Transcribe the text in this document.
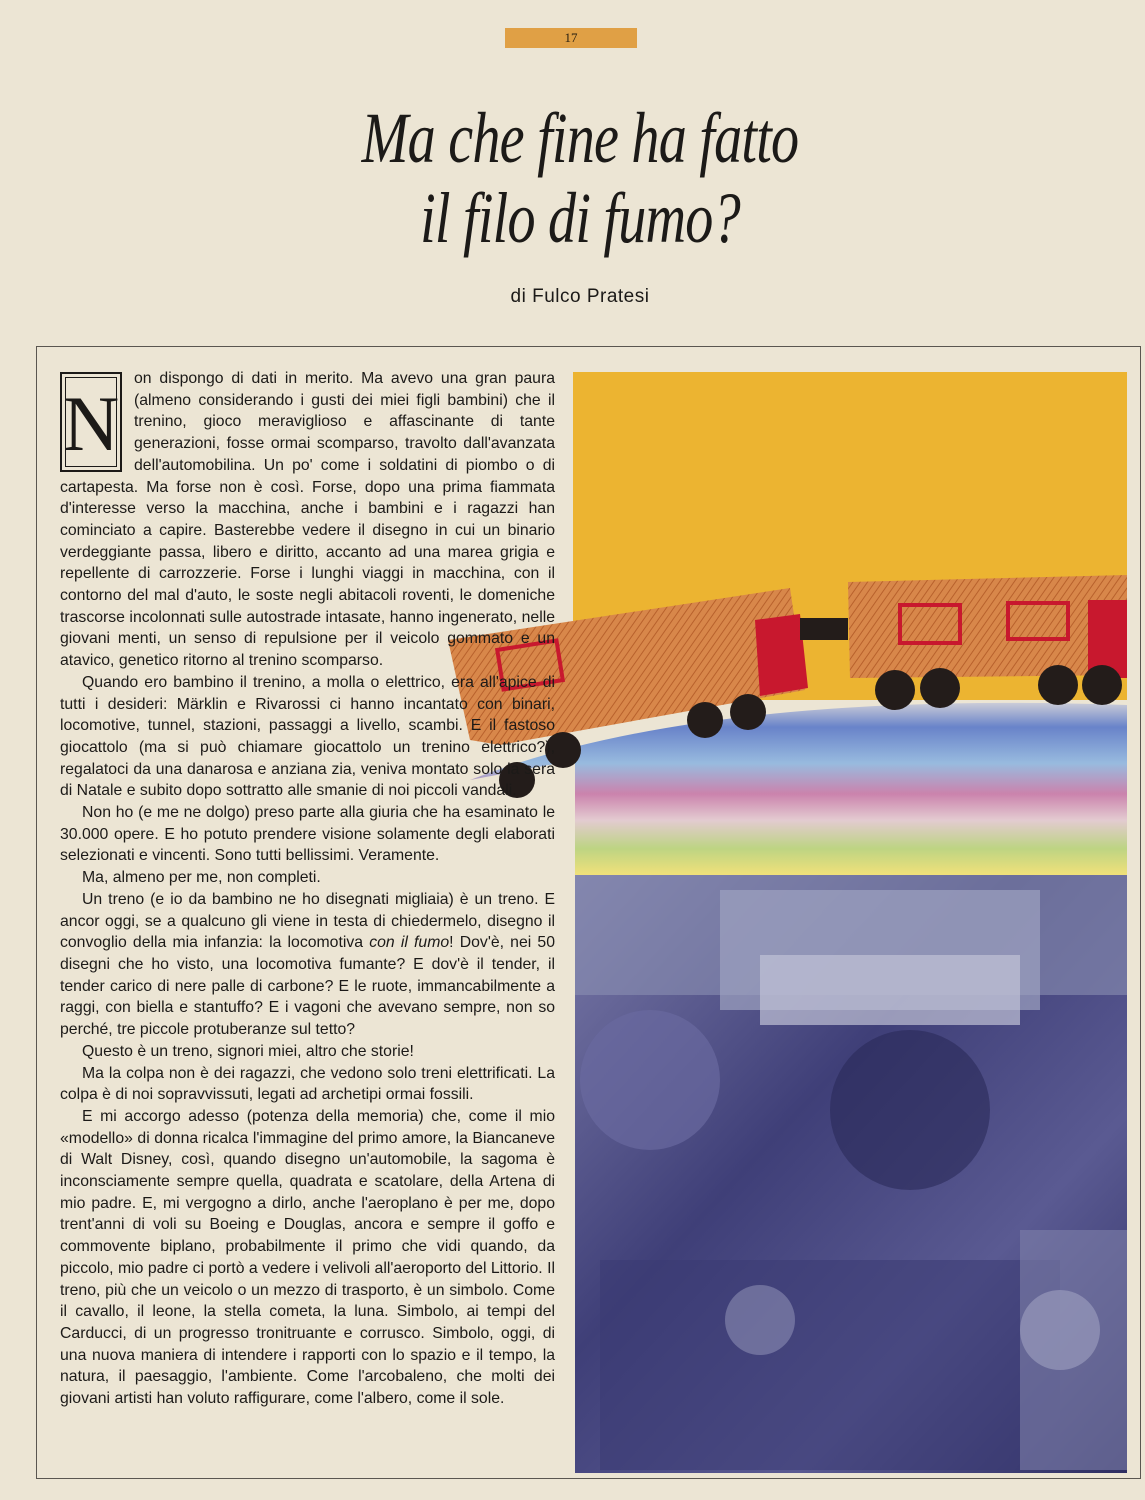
17
Ma che fine ha fatto
il filo di fumo?
di Fulco Pratesi
N

on dispongo di dati in merito. Ma avevo una gran paura (almeno considerando i gusti dei miei figli bambini) che il trenino, gioco meraviglioso e affascinante di tante generazioni, fosse ormai scomparso, travolto dall'avanzata dell'automobilina. Un po' come i soldatini di piombo o di cartapesta. Ma forse non è così. Forse, dopo una prima fiammata d'interesse verso la macchina, anche i bambini e i ragazzi han cominciato a capire. Basterebbe vedere il disegno in cui un binario verdeggiante passa, libero e diritto, accanto ad una marea grigia e repellente di carrozzerie. Forse i lunghi viaggi in macchina, con il contorno del mal d'auto, le soste negli abitacoli roventi, le domeniche trascorse incolonnati sulle autostrade intasate, hanno ingenerato, nelle giovani menti, un senso di repulsione per il veicolo gommato e un atavico, genetico ritorno al trenino scomparso.

Quando ero bambino il trenino, a molla o elettrico, era all'apice di tutti i desideri: Märklin e Rivarossi ci hanno incantato con binari, locomotive, tunnel, stazioni, passaggi a livello, scambi. E il fastoso giocattolo (ma si può chiamare giocattolo un trenino elettrico?), regalatoci da una danarosa e anziana zia, veniva montato solo la sera di Natale e subito dopo sottratto alle smanie di noi piccoli vandali.

Non ho (e me ne dolgo) preso parte alla giuria che ha esaminato le 30.000 opere. E ho potuto prendere visione solamente degli elaborati selezionati e vincenti. Sono tutti bellissimi. Veramente.

Ma, almeno per me, non completi.

Un treno (e io da bambino ne ho disegnati migliaia) è un treno. E ancor oggi, se a qualcuno gli viene in testa di chiedermelo, disegno il convoglio della mia infanzia: la locomotiva con il fumo! Dov'è, nei 50 disegni che ho visto, una locomotiva fumante? E dov'è il tender, il tender carico di nere palle di carbone? E le ruote, immancabilmente a raggi, con biella e stantuffo? E i vagoni che avevano sempre, non so perché, tre piccole protuberanze sul tetto?

Questo è un treno, signori miei, altro che storie!

Ma la colpa non è dei ragazzi, che vedono solo treni elettrificati. La colpa è di noi sopravvissuti, legati ad archetipi ormai fossili.

E mi accorgo adesso (potenza della memoria) che, come il mio «modello» di donna ricalca l'immagine del primo amore, la Biancaneve di Walt Disney, così, quando disegno un'automobile, la sagoma è inconsciamente sempre quella, quadrata e scatolare, della Artena di mio padre. E, mi vergogno a dirlo, anche l'aeroplano è per me, dopo trent'anni di voli su Boeing e Douglas, ancora e sempre il goffo e commovente biplano, probabilmente il primo che vidi quando, da piccolo, mio padre ci portò a vedere i velivoli all'aeroporto del Littorio. Il treno, più che un veicolo o un mezzo di trasporto, è un simbolo. Come il cavallo, il leone, la stella cometa, la luna. Simbolo, ai tempi del Carducci, di un progresso tronitruante e corrusco. Simbolo, oggi, di una nuova maniera di intendere i rapporti con lo spazio e il tempo, la natura, il paesaggio, l'ambiente. Come l'arcobaleno, che molti dei giovani artisti han voluto raffigurare, come l'albero, come il sole.
